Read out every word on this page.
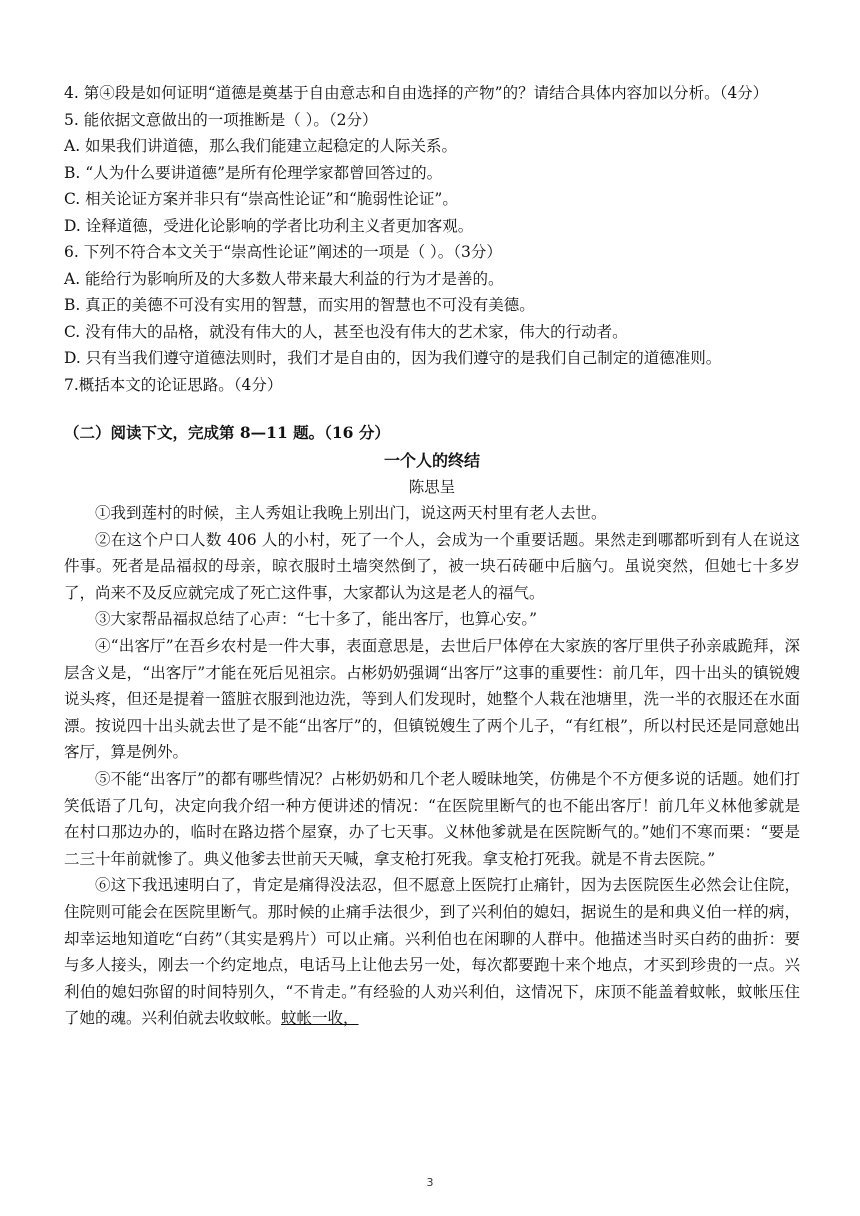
4. 第④段是如何证明“道德是奠基于自由意志和自由选择的产物”的？请结合具体内容加以分析。（4分）

5. 能依据文意做出的一项推断是（ ）。（2分）

A. 如果我们讲道德，那么我们能建立起稳定的人际关系。

B. “人为什么要讲道德”是所有伦理学家都曾回答过的。

C. 相关论证方案并非只有“崇高性论证”和“脆弱性论证”。

D. 诠释道德，受进化论影响的学者比功利主义者更加客观。

6. 下列不符合本文关于“崇高性论证”阐述的一项是（ ）。（3分）

A. 能给行为影响所及的大多数人带来最大利益的行为才是善的。

B. 真正的美德不可没有实用的智慧，而实用的智慧也不可没有美德。

C. 没有伟大的品格，就没有伟大的人，甚至也没有伟大的艺术家，伟大的行动者。

D. 只有当我们遵守道德法则时，我们才是自由的，因为我们遵守的是我们自己制定的道德准则。

7.概括本文的论证思路。（4分）

（二）阅读下文，完成第 8—11 题。（16 分）
一个人的终结
陈思呈

①我到莲村的时候，主人秀姐让我晚上别出门，说这两天村里有老人去世。

②在这个户口人数 406 人的小村，死了一个人，会成为一个重要话题。果然走到哪都听到有人在说这件事。死者是品福叔的母亲，晾衣服时土墙突然倒了，被一块石砖砸中后脑勺。虽说突然，但她七十多岁了，尚来不及反应就完成了死亡这件事，大家都认为这是老人的福气。

③大家帮品福叔总结了心声：“七十多了，能出客厅，也算心安。”

④“出客厅”在吾乡农村是一件大事，表面意思是，去世后尸体停在大家族的客厅里供子孙亲戚跪拜，深层含义是，“出客厅”才能在死后见祖宗。占彬奶奶强调“出客厅”这事的重要性：前几年，四十出头的镇锐嫂说头疼，但还是提着一篮脏衣服到池边洗，等到人们发现时，她整个人栽在池塘里，洗一半的衣服还在水面漂。按说四十出头就去世了是不能“出客厅”的，但镇锐嫂生了两个儿子，“有红根”，所以村民还是同意她出客厅，算是例外。

⑤不能“出客厅”的都有哪些情况？占彬奶奶和几个老人暧昧地笑，仿佛是个不方便多说的话题。她们打笑低语了几句，决定向我介绍一种方便讲述的情况：“在医院里断气的也不能出客厅！前几年义林他爹就是在村口那边办的，临时在路边搭个屋寮，办了七天事。义林他爹就是在医院断气的。”她们不寒而栗：“要是二三十年前就惨了。典义他爹去世前天天喊，拿支枪打死我。拿支枪打死我。就是不肯去医院。”

⑥这下我迅速明白了，肯定是痛得没法忍，但不愿意上医院打止痛针，因为去医院医生必然会让住院，住院则可能会在医院里断气。那时候的止痛手法很少，到了兴利伯的媳妇，据说生的是和典义伯一样的病，却幸运地知道吃“白药”（其实是鸦片）可以止痛。兴利伯也在闲聊的人群中。他描述当时买白药的曲折：要与多人接头，刚去一个约定地点，电话马上让他去另一处，每次都要跑十来个地点，才买到珍贵的一点。兴利伯的媳妇弥留的时间特别久，“不肯走。”有经验的人劝兴利伯，这情况下，床顶不能盖着蚊帐，蚊帐压住了她的魂。兴利伯就去收蚊帐。蚊帐一收，

3
